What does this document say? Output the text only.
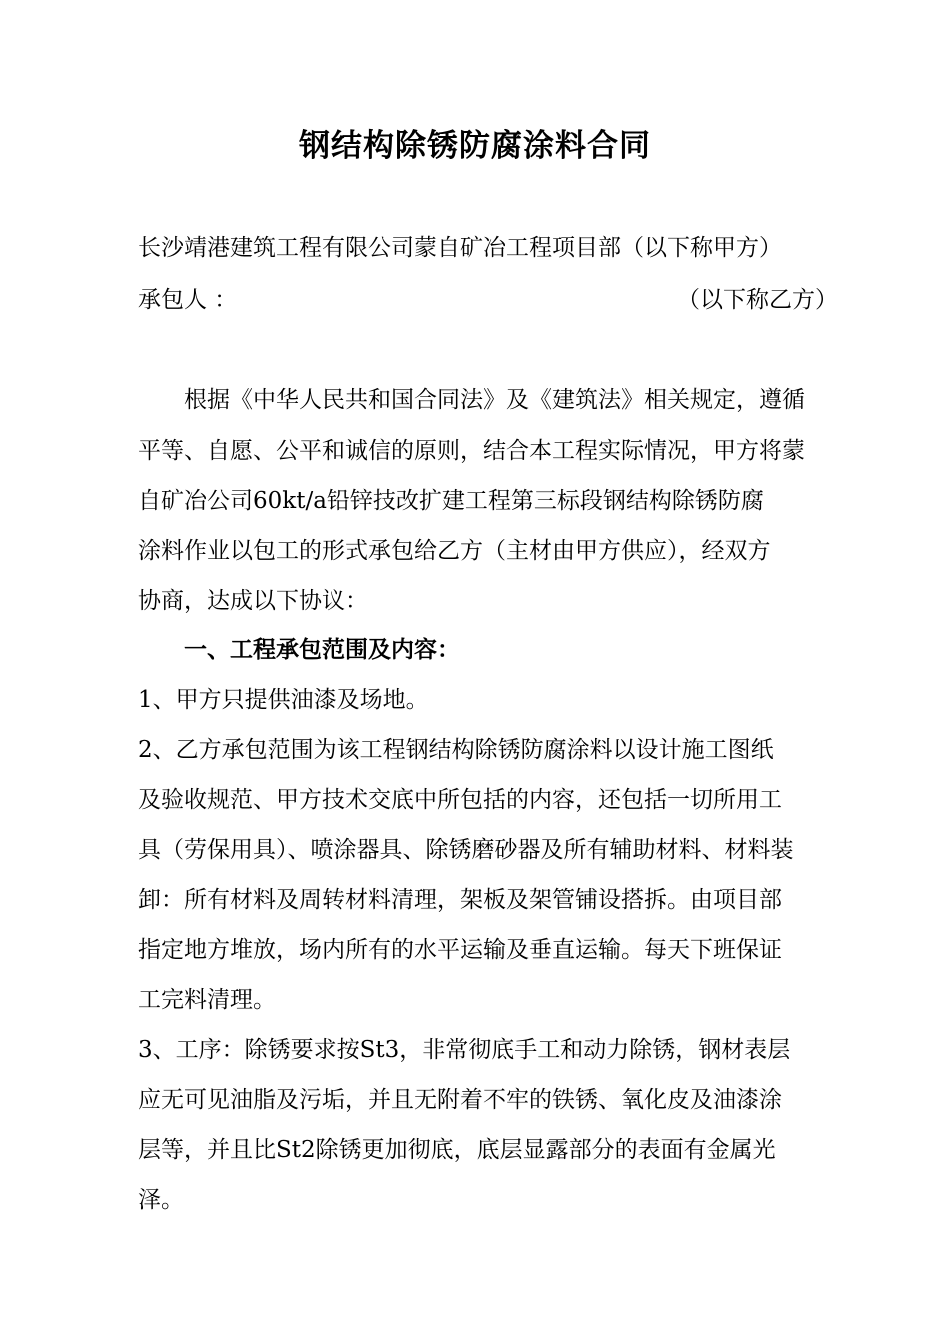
钢结构除锈防腐涂料合同

长沙靖港建筑工程有限公司蒙自矿冶工程项目部（以下称甲方）

承包人 ：	（以下称乙方）

　　根据《中华人民共和国合同法》及《建筑法》相关规定，遵循

平等、自愿、公平和诚信的原则，结合本工程实际情况，甲方将蒙

自矿冶公司60kt/a铅锌技改扩建工程第三标段钢结构除锈防腐

涂料作业以包工的形式承包给乙方（主材由甲方供应），经双方

协商，达成以下协议：

　　一、工程承包范围及内容：

1、甲方只提供油漆及场地。

2、乙方承包范围为该工程钢结构除锈防腐涂料以设计施工图纸

及验收规范、甲方技术交底中所包括的内容，还包括一切所用工

具（劳保用具）、喷涂器具、除锈磨砂器及所有辅助材料、材料装

卸：所有材料及周转材料清理，架板及架管铺设搭拆。由项目部

指定地方堆放，场内所有的水平运输及垂直运输。每天下班保证

工完料清理。

3、工序：除锈要求按St3，非常彻底手工和动力除锈，钢材表层

应无可见油脂及污垢，并且无附着不牢的铁锈、氧化皮及油漆涂

层等，并且比St2除锈更加彻底，底层显露部分的表面有金属光

泽。
